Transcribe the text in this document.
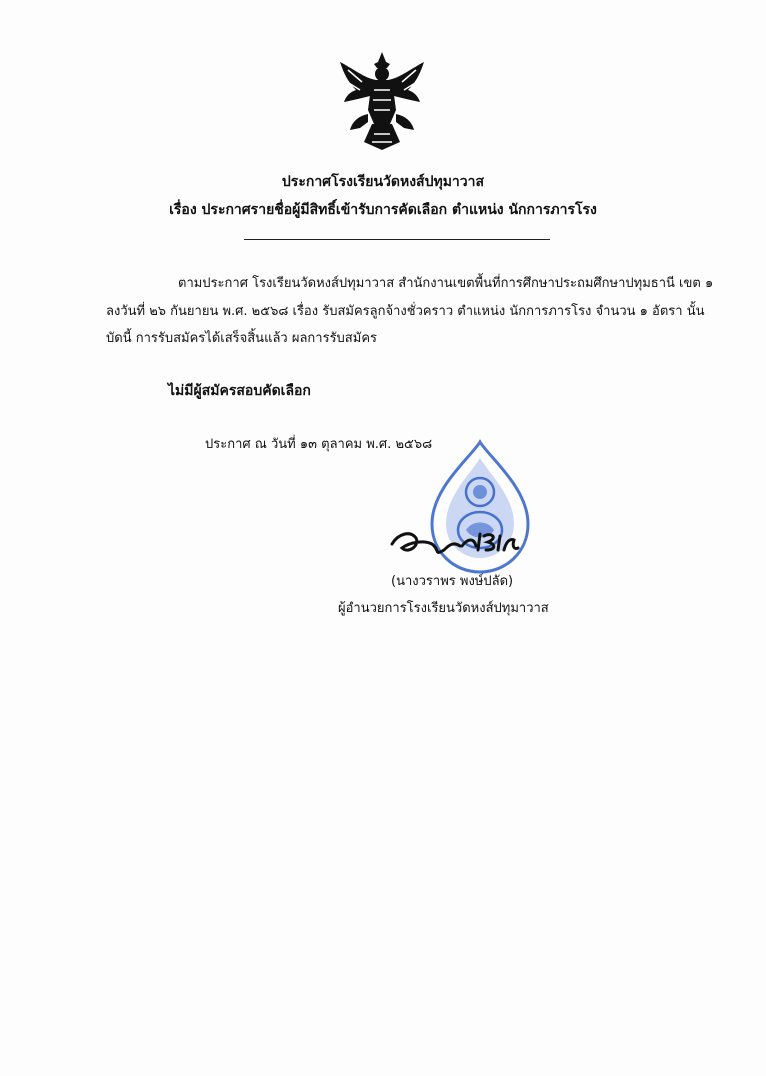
ประกาศโรงเรียนวัดหงส์ปทุมาวาส
เรื่อง ประกาศรายชื่อผู้มีสิทธิ์เข้ารับการคัดเลือก ตำแหน่ง นักการภารโรง
ตามประกาศ โรงเรียนวัดหงส์ปทุมาวาส สำนักงานเขตพื้นที่การศึกษาประถมศึกษาปทุมธานี เขต ๑
ลงวันที่ ๒๖ กันยายน พ.ศ. ๒๕๖๘ เรื่อง รับสมัครลูกจ้างชั่วคราว ตำแหน่ง นักการภารโรง จำนวน ๑ อัตรา นั้น
บัดนี้ การรับสมัครได้เสร็จสิ้นแล้ว ผลการรับสมัคร
ไม่มีผู้สมัครสอบคัดเลือก
ประกาศ ณ วันที่ ๑๓ ตุลาคม พ.ศ. ๒๕๖๘
(นางวราพร พงษ์ปลัด)
ผู้อำนวยการโรงเรียนวัดหงส์ปทุมาวาส
